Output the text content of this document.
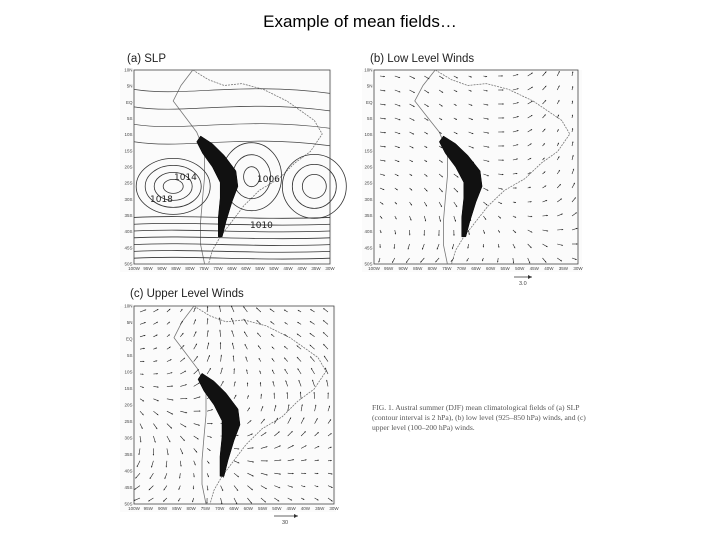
Example of mean fields…
(a) SLP
10N
5N
EQ
5S
10S
15S
20S
25S
30S
35S
40S
45S
50S
100W 95W 90W 85W 80W 75W 70W 65W 60W 55W 50W 45W 40W 35W 30W
1014	1006
1018
1010
(b) Low Level Winds
10N
5N
EQ
5S
10S
15S
20S
25S
30S
35S
40S
45S
50S
100W 95W 90W 85W 80W 75W 70W 65W 60W 55W 50W 45W 40W 35W 30W
3.0
(c) Upper Level Winds
10N
5N
EQ
5S
10S
15S
20S
25S
30S
35S
40S
45S
50S
100W 95W 90W 85W 80W 75W 70W 65W 60W 55W 50W 45W 40W 35W 30W
30
FIG. 1. Austral summer (DJF) mean climatological fields of (a) SLP (contour interval is 2 hPa), (b) low level (925–850 hPa) winds, and (c) upper level (100–200 hPa) winds.
